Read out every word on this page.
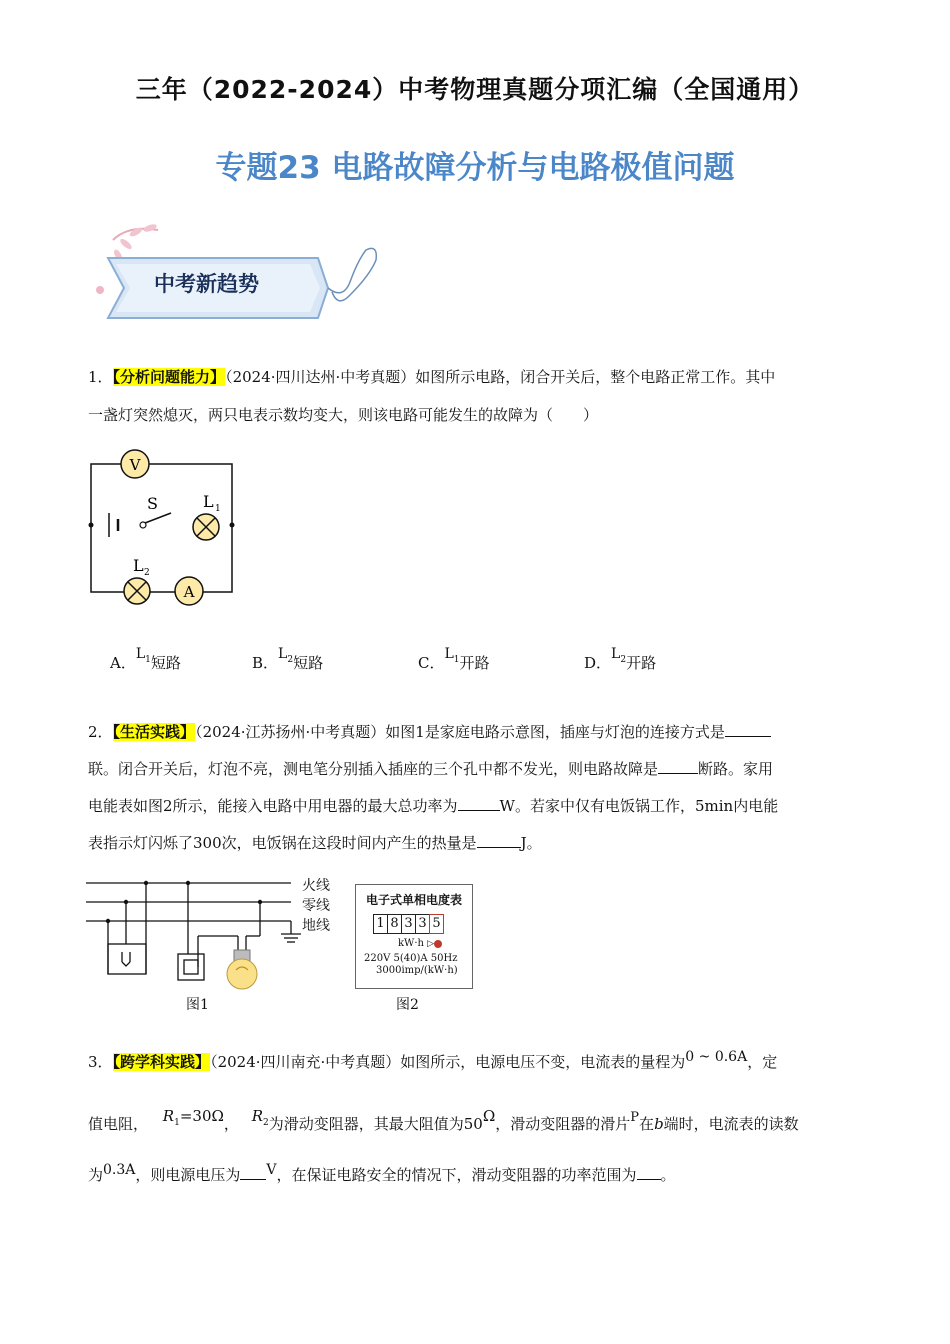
三年（2022-2024）中考物理真题分项汇编（全国通用）
专题23 电路故障分析与电路极值问题
中考新趋势
1．【分析问题能力】（2024·四川达州·中考真题）如图所示电路，闭合开关后，整个电路正常工作。其中
一盏灯突然熄灭，两只电表示数均变大，则该电路可能发生的故障为（　　）
V
A
S	L 1
L 2
A．$L^1$短路	B．$L^2$短路	C．$L^1$开路	D．$L^2$开路
2．【生活实践】（2024·江苏扬州·中考真题）如图1是家庭电路示意图，插座与灯泡的连接方式是
联。闭合开关后，灯泡不亮，测电笔分别插入插座的三个孔中都不发光，则电路故障是	断路。家用
电能表如图2所示，能接入电路中用电器的最大总功率为	W。若家中仅有电饭锅工作，5min内电能
表指示灯闪烁了300次，电饭锅在这段时间内产生的热量是	J。
火线
零线
地线
图1
电子式单相电度表
1 8 3 3 5
kW·h ▷
220V 5(40)A 50Hz
3000imp/(kW·h)
图2
3．【跨学科实践】（2024·四川南充·中考真题）如图所示，电源电压不变，电流表的量程为0 ~ 0.6A，定
值电阻， $R^1=30\Omega$， $R^2$为滑动变阻器，其最大阻值为50Ω，滑动变阻器的滑片P在b端时，电流表的读数
为0.3A，则电源电压为 V，在保证电路安全的情况下，滑动变阻器的功率范围为 。
